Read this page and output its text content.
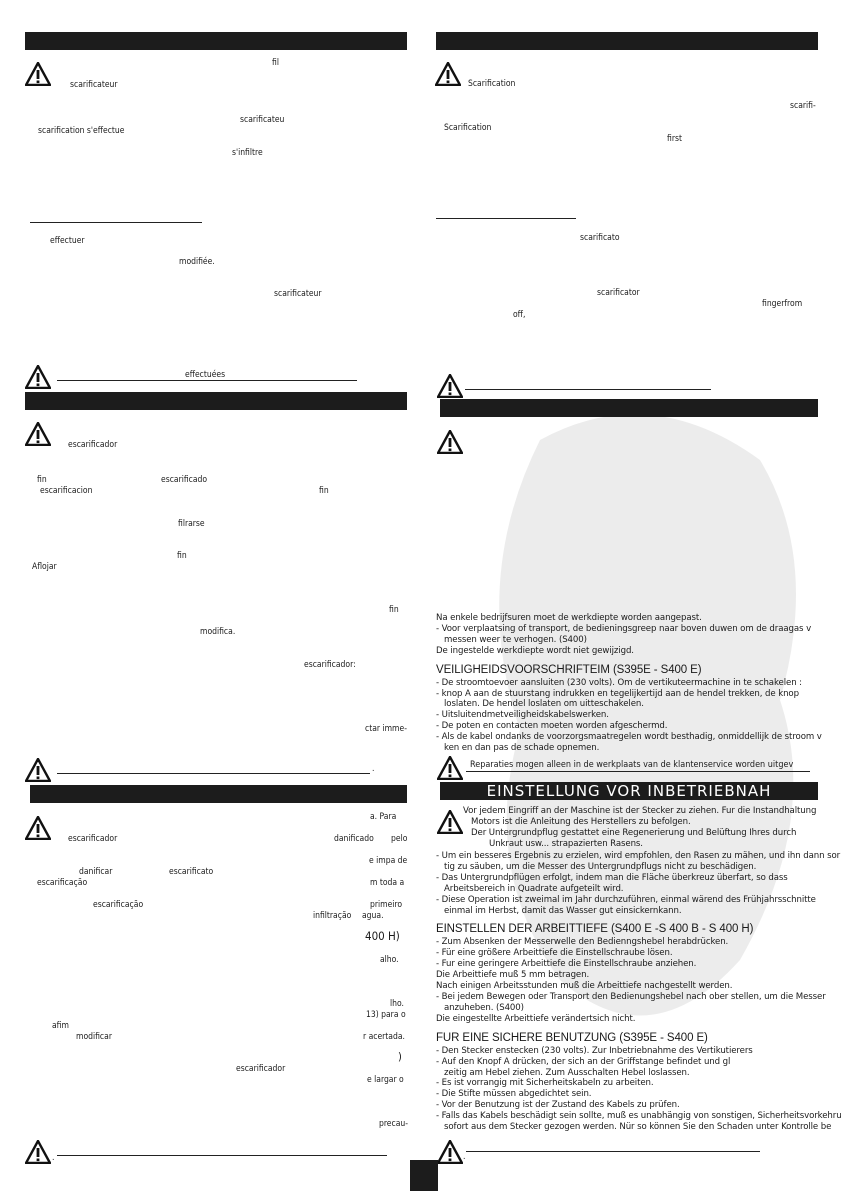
EINSTELLUNG VOR INBETRIEBNAH
fil
scarificateur
scarificateu
scarification s'effectue
s'infiltre
effectuer
modifiée.
scarificateur
effectuées
escarificador
fin	escarificado
escarificacion	fin
filrarse
fin
Aflojar
fin
modifica.
escarificador:
ctar imme-
.
a. Para
escarificador	danificado pelo
e impa de
danificar	escarificato
m toda a
escarificação
escarificação	primeiro
infiltração agua.
400 H)
alho.
lho.
13) para o
afim
modificar	r acertada.
)
escarificador
e largar o
precau-
.
Scarification
scarifi-
Scarification
first
scarificato
scarificator
fingerfrom
off,
Na enkele bedrijfsuren moet de werkdiepte worden aangepast.
- Voor verplaatsing of transport, de bedieningsgreep naar boven duwen om de draagas v
messen weer te verhogen. (S400)
De ingestelde werkdiepte wordt niet gewijzigd.
VEILIGHEIDSVOORSCHRIFTEIM (S395E - S400 E)
- De stroomtoevoer aansluiten (230 volts). Om de vertikuteermachine in te schakelen :
- knop A aan de stuurstang indrukken en tegelijkertijd aan de hendel trekken, de knop
loslaten. De hendel loslaten om uitteschakelen.
- Uitsluitendmetveiligheidskabelswerken.
- De poten en contacten moeten worden afgeschermd.
- Als de kabel ondanks de voorzorgsmaatregelen wordt besthadig, onmiddellijk de stroom v
ken en dan pas de schade opnemen.
Reparaties mogen alleen in de werkplaats van de klantenservice worden uitgev
Vor jedem Eingriff an der Maschine ist der Stecker zu ziehen. Fur die Instandhaltung
Motors ist die Anleitung des Herstellers zu befolgen.
Der Untergrundpflug gestattet eine Regenerierung und Belüftung Ihres durch
Unkraut usw... strapazierten Rasens.
- Um ein besseres Ergebnis zu erzielen, wird empfohlen, den Rasen zu mähen, und ihn dann sor
tig zu säuben, um die Messer des Untergrundpflugs nicht zu beschädigen.
- Das Untergrundpflügen erfolgt, indem man die Fläche überkreuz überfart, so dass
Arbeitsbereich in Quadrate aufgeteilt wird.
- Diese Operation ist zweimal im Jahr durchzuführen, einmal wärend des Frühjahrsschnitte
einmal im Herbst, damit das Wasser gut einsickernkann.
EINSTELLEN DER ARBEITTIEFE (S400 E -S 400 B - S 400 H)
- Zum Absenken der Messerwelle den Bedienngshebel herabdrücken.
- Für eine größere Arbeittiefe die Einstellschraube lösen.
- Fur eine geringere Arbeittiefe die Einstellschraube anziehen.
Die Arbeittiefe muß 5 mm betragen.
Nach einigen Arbeitsstunden muß die Arbeittiefe nachgestellt werden.
- Bei jedem Bewegen oder Transport den Bedienungshebel nach ober stellen, um die Messer
anzuheben. (S400)
Die eingestellte Arbeittiefe verändertsich nicht.
FUR EINE SICHERE BENUTZUNG (S395E - S400 E)
- Den Stecker enstecken (230 volts). Zur Inbetriebnahme des Vertikutierers
- Auf den Knopf A drücken, der sich an der Griffstange befindet und gl
zeitig am Hebel ziehen. Zum Ausschalten Hebel loslassen.
- Es ist vorrangig mit Sicherheitskabeln zu arbeiten.
- Die Stifte müssen abgedichtet sein.
- Vor der Benutzung ist der Zustand des Kabels zu prüfen.
- Falls das Kabels beschädigt sein sollte, muß es unabhängig von sonstigen, Sicherheitsvorkehru
sofort aus dem Stecker gezogen werden. Nür so können Sie den Schaden unter Kontrolle be
.
